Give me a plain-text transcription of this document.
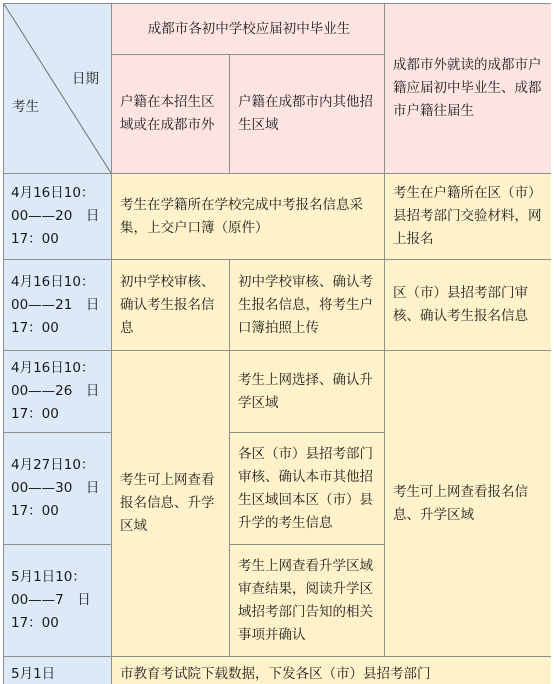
日期
考生	成都市各初中学校应届初中毕业生		成都市外就读的成都市户籍应届初中毕业生、成都市户籍往届生
	户籍在本招生区域或在成都市外	户籍在成都市内其他招生区域	

4月16日10：
00——20　日
17：00	考生在学籍所在学校完成中考报名信息采集，上交户口簿（原件）		考生在户籍所在区（市）县招考部门交验材料，网上报名

4月16日10：
00——21　日
17：00	初中学校审核、确认考生报名信息	初中学校审核、确认考生报名信息，将考生户口簿拍照上传	区（市）县招考部门审核、确认考生报名信息

4月16日10：
00——26　日
17：00	考生可上网查看报名信息、升学区域	考生上网选择、确认升学区域	考生可上网查看报名信息、升学区域

4月27日10：
00——30　日
17：00		各区（市）县招考部门审核、确认本市其他招生区域回本区（市）县升学的考生信息	

5月1日10：
00——7　日
17：00		考生上网查看升学区域审查结果，阅读升学区域招考部门告知的相关事项并确认	

5月1日	市教育考试院下载数据，下发各区（市）县招考部门		
